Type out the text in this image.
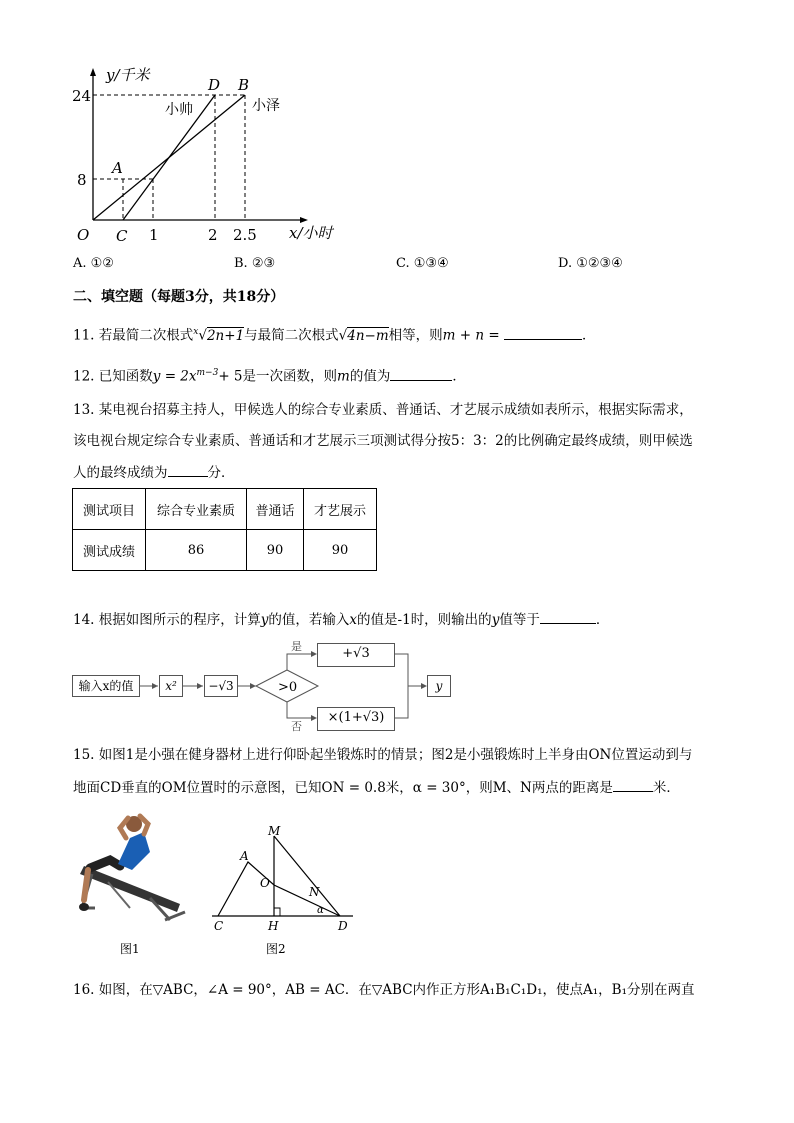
y/千米
x/小时
24
8
1	2 2.5
O C
A
D B
小帅	小泽
A. ①②	B. ②③	C. ①③④	D. ①②③④
二、填空题（每题3分，共18分）
11. 若最简二次根式$^x$√2n+1与最简二次根式√4n−m相等，则m + n =	．
12. 已知函数$y = 2x^{m-3}+ 5$是一次函数，则m的值为	．
13. 某电视台招募主持人，甲候选人的综合专业素质、普通话、才艺展示成绩如表所示，根据实际需求，
该电视台规定综合专业素质、普通话和才艺展示三项测试得分按5：3：2的比例确定最终成绩，则甲候选
人的最终成绩为	分．
测试项目	综合专业素质	普通话	才艺展示
测试成绩	86	90	90
14. 根据如图所示的程序，计算y的值，若输入x的值是-1时，则输出的y值等于	．
>0
是
否
输入x的值	x²	−√3
+√3
×(1+√3)
y
15. 如图1是小强在健身器材上进行仰卧起坐锻炼时的情景；图2是小强锻炼时上半身由ON位置运动到与
地面CD垂直的OM位置时的示意图，已知ON = 0.8米，α = 30°，则M、N两点的距离是	米．
M
A
O
N
α
C	H	D
图1	图2
16. 如图，在▽ABC，∠A = 90°，AB = AC．在▽ABC内作正方形A₁B₁C₁D₁，使点A₁，B₁分别在两直
